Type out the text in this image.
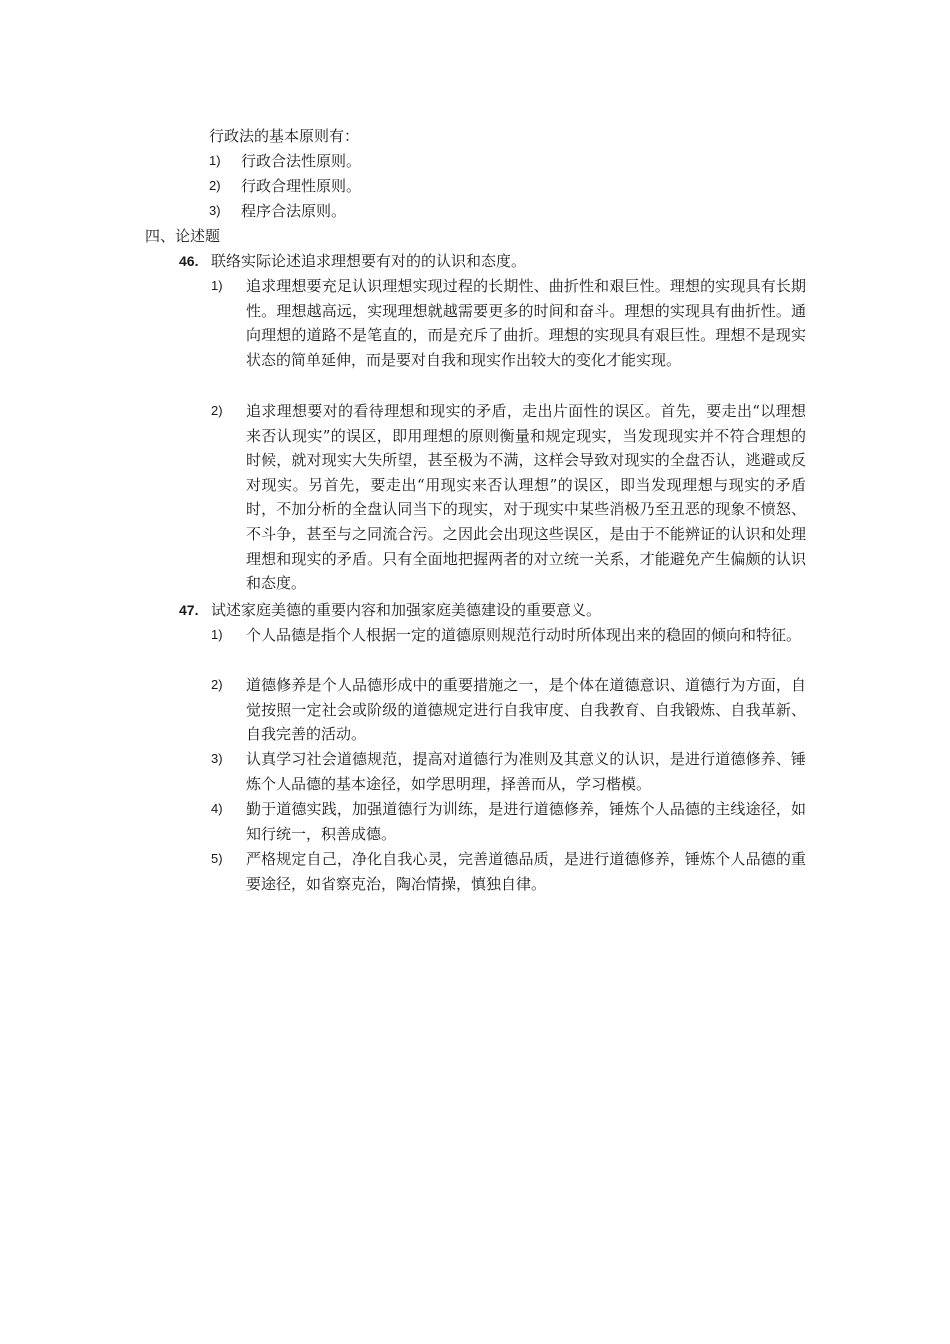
行政法的基本原则有：
1) 行政合法性原则。
2) 行政合理性原则。
3) 程序合法原则。
四、论述题
46. 联络实际论述追求理想要有对的的认识和态度。
1) 追求理想要充足认识理想实现过程的长期性、曲折性和艰巨性。理想的实现具有长期性。理想越高远，实现理想就越需要更多的时间和奋斗。理想的实现具有曲折性。通向理想的道路不是笔直的，而是充斥了曲折。理想的实现具有艰巨性。理想不是现实状态的简单延伸，而是要对自我和现实作出较大的变化才能实现。
2) 追求理想要对的看待理想和现实的矛盾，走出片面性的误区。首先，要走出“以理想来否认现实”的误区，即用理想的原则衡量和规定现实，当发现现实并不符合理想的时候，就对现实大失所望，甚至极为不满，这样会导致对现实的全盘否认，逃避或反对现实。另首先，要走出“用现实来否认理想”的误区，即当发现理想与现实的矛盾时，不加分析的全盘认同当下的现实，对于现实中某些消极乃至丑恶的现象不愤怒、不斗争，甚至与之同流合污。之因此会出现这些误区，是由于不能辨证的认识和处理理想和现实的矛盾。只有全面地把握两者的对立统一关系，才能避免产生偏颇的认识和态度。
47. 试述家庭美德的重要内容和加强家庭美德建设的重要意义。
1) 个人品德是指个人根据一定的道德原则规范行动时所体现出来的稳固的倾向和特征。
2) 道德修养是个人品德形成中的重要措施之一，是个体在道德意识、道德行为方面，自觉按照一定社会或阶级的道德规定进行自我审度、自我教育、自我锻炼、自我革新、自我完善的活动。
3) 认真学习社会道德规范，提高对道德行为准则及其意义的认识，是进行道德修养、锤炼个人品德的基本途径，如学思明理，择善而从，学习楷模。
4) 勤于道德实践，加强道德行为训练，是进行道德修养，锤炼个人品德的主线途径，如知行统一，积善成德。
5) 严格规定自己，净化自我心灵，完善道德品质，是进行道德修养，锤炼个人品德的重要途径，如省察克治，陶冶情操，慎独自律。
